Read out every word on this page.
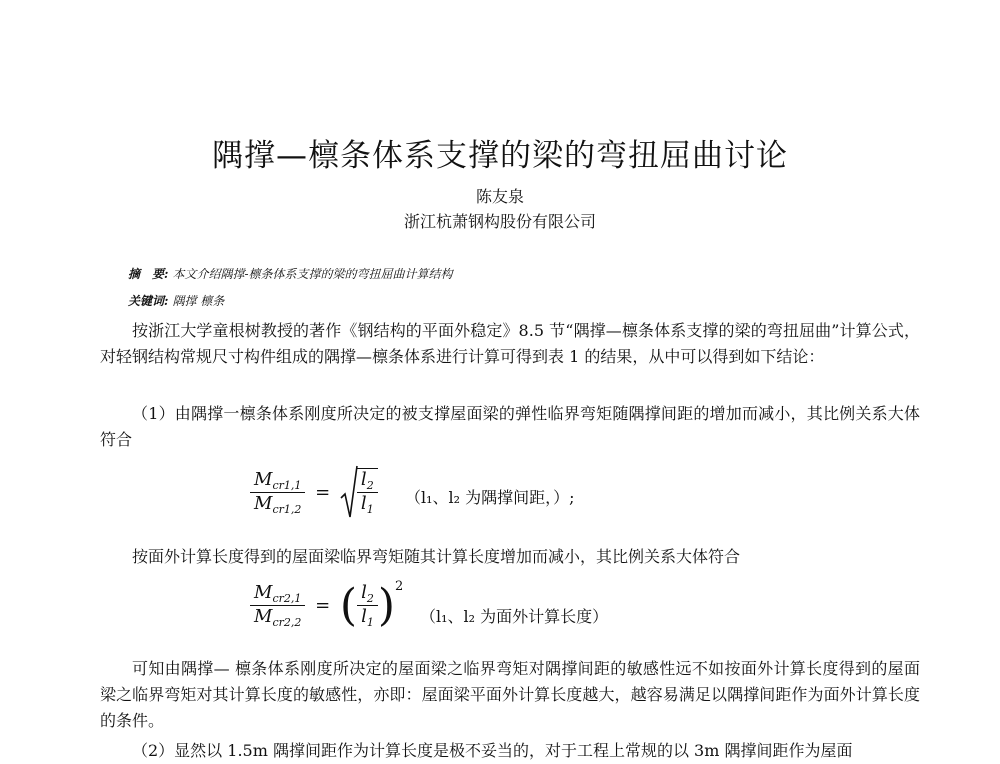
隅撑—檩条体系支撑的梁的弯扭屈曲讨论
陈友泉
浙江杭萧钢构股份有限公司
摘　要: 本文介绍隅撑-檩条体系支撑的梁的弯扭屈曲计算结构
关键词: 隅撑 檩条

按浙江大学童根树教授的著作《钢结构的平面外稳定》8.5 节“隅撑—檩条体系支撑的梁的弯扭屈曲”计算公式，对轻钢结构常规尺寸构件组成的隅撑—檩条体系进行计算可得到表 1 的结果，从中可以得到如下结论：

（1）由隅撑一檩条体系刚度所决定的被支撑屋面梁的弹性临界弯矩随隅撑间距的增加而减小，其比例关系大体符合

$\frac{M_{cr1,1}}{M_{cr1,2}} = \frac{l_2}{l_1} (l_1$、l₂ 为隅撑间距，）;

按面外计算长度得到的屋面梁临界弯矩随其计算长度增加而减小，其比例关系大体符合

$\frac{M_{cr2,1}}{M_{cr2,2}}$ = ( $\frac{l_2}{l_1} )^2$
（l₁、l₂ 为面外计算长度）

可知由隅撑— 檩条体系刚度所决定的屋面梁之临界弯矩对隅撑间距的敏感性远不如按面外计算长度得到的屋面梁之临界弯矩对其计算长度的敏感性，亦即：屋面梁平面外计算长度越大，越容易满足以隅撑间距作为面外计算长度的条件。

（2）显然以 1.5m 隅撑间距作为计算长度是极不妥当的，对于工程上常规的以 3m 隅撑间距作为屋面
